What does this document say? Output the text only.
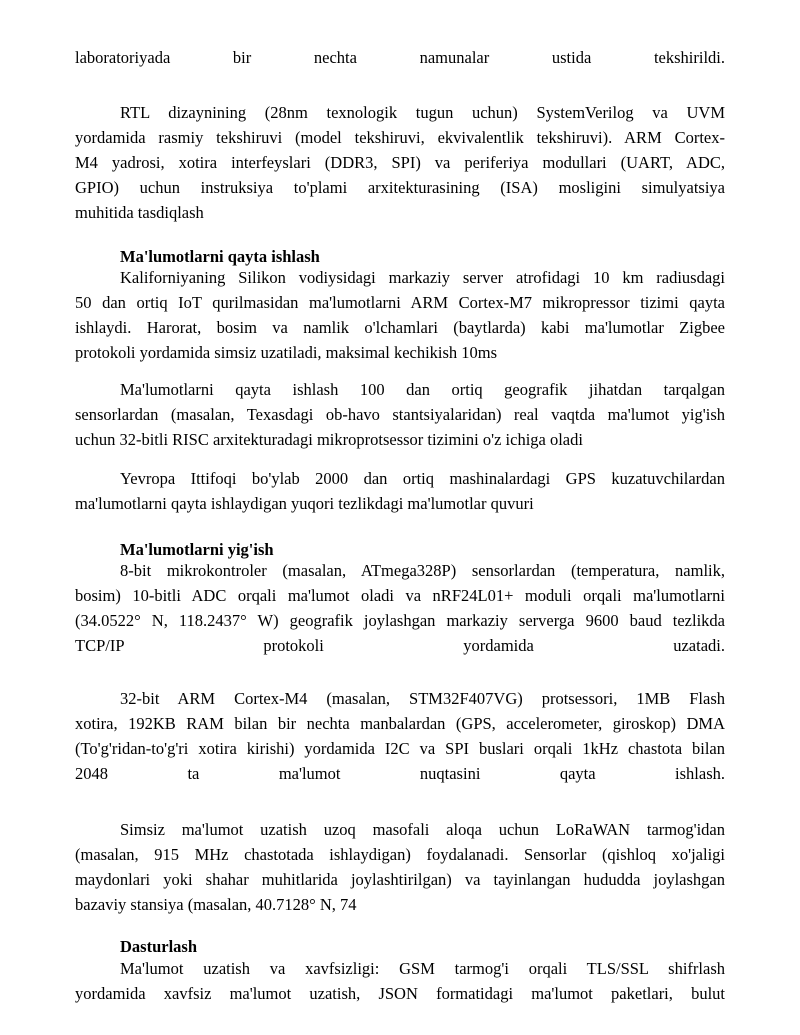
laboratoriyada bir nechta namunalar ustida tekshirildi.
RTL dizaynining (28nm texnologik tugun uchun) SystemVerilog va UVM
yordamida rasmiy tekshiruvi (model tekshiruvi, ekvivalentlik tekshiruvi). ARM Cortex-
M4 yadrosi, xotira interfeyslari (DDR3, SPI) va periferiya modullari (UART, ADC,
GPIO) uchun instruksiya to'plami arxitekturasining (ISA) mosligini simulyatsiya
muhitida tasdiqlash
Ma'lumotlarni qayta ishlash
Kaliforniyaning Silikon vodiysidagi markaziy server atrofidagi 10 km radiusdagi
50 dan ortiq IoT qurilmasidan ma'lumotlarni ARM Cortex-M7 mikropressor tizimi qayta
ishlaydi. Harorat, bosim va namlik o'lchamlari (baytlarda) kabi ma'lumotlar Zigbee
protokoli yordamida simsiz uzatiladi, maksimal kechikish 10ms
Ma'lumotlarni qayta ishlash 100 dan ortiq geografik jihatdan tarqalgan
sensorlardan (masalan, Texasdagi ob-havo stantsiyalaridan) real vaqtda ma'lumot yig'ish
uchun 32-bitli RISC arxitekturadagi mikroprotsessor tizimini o'z ichiga oladi
Yevropa Ittifoqi bo'ylab 2000 dan ortiq mashinalardagi GPS kuzatuvchilardan
ma'lumotlarni qayta ishlaydigan yuqori tezlikdagi ma'lumotlar quvuri
Ma'lumotlarni yig'ish
8-bit mikrokontroler (masalan, ATmega328P) sensorlardan (temperatura, namlik,
bosim) 10-bitli ADC orqali ma'lumot oladi va nRF24L01+ moduli orqali ma'lumotlarni
(34.0522° N, 118.2437° W) geografik joylashgan markaziy serverga 9600 baud tezlikda
TCP/IP protokoli yordamida uzatadi.
32-bit ARM Cortex-M4 (masalan, STM32F407VG) protsessori, 1MB Flash
xotira, 192KB RAM bilan bir nechta manbalardan (GPS, accelerometer, giroskop) DMA
(To'g'ridan-to'g'ri xotira kirishi) yordamida I2C va SPI buslari orqali 1kHz chastota bilan
2048 ta ma'lumot nuqtasini qayta ishlash.
Simsiz ma'lumot uzatish uzoq masofali aloqa uchun LoRaWAN tarmog'idan
(masalan, 915 MHz chastotada ishlaydigan) foydalanadi. Sensorlar (qishloq xo'jaligi
maydonlari yoki shahar muhitlarida joylashtirilgan) va tayinlangan hududda joylashgan
bazaviy stansiya (masalan, 40.7128° N, 74
Dasturlash
Ma'lumot uzatish va xavfsizligi: GSM tarmog'i orqali TLS/SSL shifrlash
yordamida xavfsiz ma'lumot uzatish, JSON formatidagi ma'lumot paketlari, bulut
